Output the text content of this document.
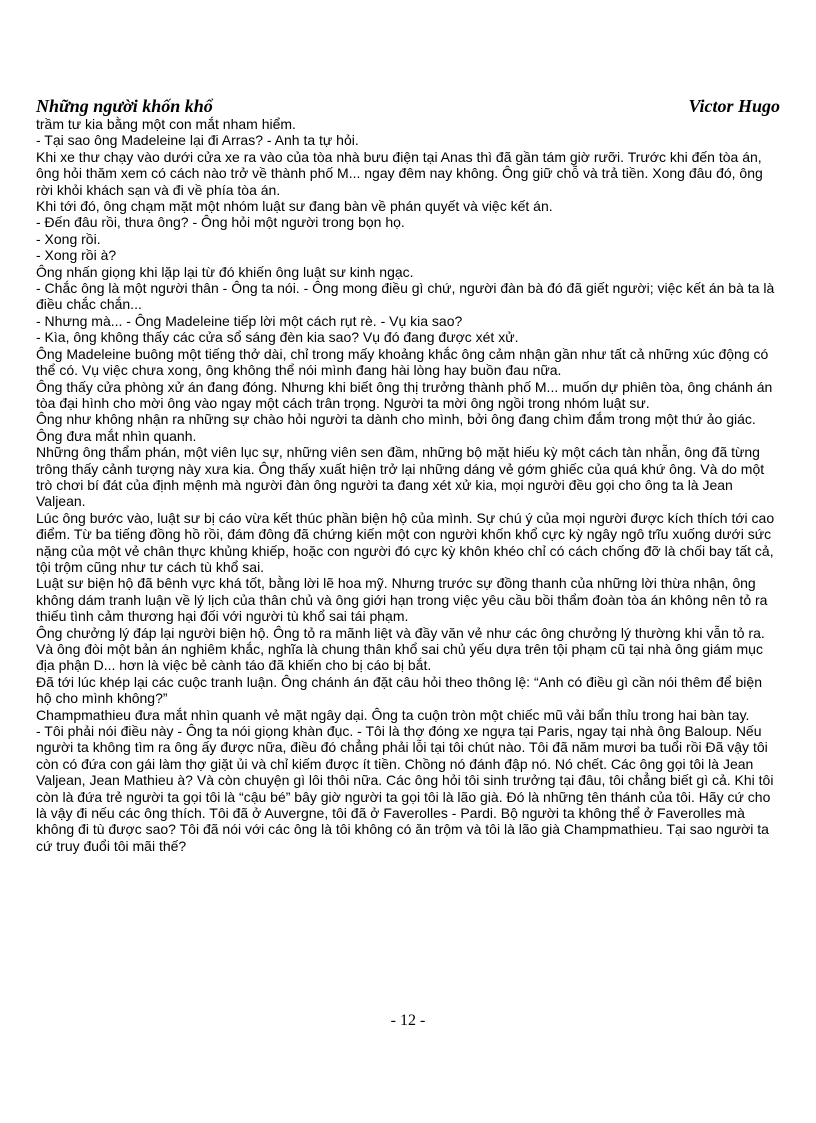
Những người khốn khổ	Victor Hugo

trầm tư kia bằng một con mắt nham hiểm.

- Tại sao ông Madeleine lại đi Arras? - Anh ta tự hỏi.

Khi xe thư chạy vào dưới cửa xe ra vào của tòa nhà bưu điện tại Anas thì đã gần tám giờ rưỡi. Trước khi đến tòa án, ông hỏi thăm xem có cách nào trở về thành phố M... ngay đêm nay không. Ông giữ chỗ và trả tiền. Xong đâu đó, ông rời khỏi khách sạn và đi về phía tòa án.

Khi tới đó, ông chạm mặt một nhóm luật sư đang bàn về phán quyết và việc kết án.

- Đến đâu rồi, thưa ông? - Ông hỏi một người trong bọn họ.

- Xong rồi.

- Xong rồi à?

Ông nhấn giọng khi lặp lại từ đó khiến ông luật sư kinh ngạc.

- Chắc ông là một người thân - Ông ta nói. - Ông mong điều gì chứ, người đàn bà đó đã giết người; việc kết án bà ta là điều chắc chắn...

- Nhưng mà... - Ông Madeleine tiếp lời một cách rụt rè. - Vụ kia sao?

- Kìa, ông không thấy các cửa sổ sáng đèn kia sao? Vụ đó đang được xét xử.

Ông Madeleine buông một tiếng thở dài, chỉ trong mấy khoảng khắc ông cảm nhận gần như tất cả những xúc động có thể có. Vụ việc chưa xong, ông không thể nói mình đang hài lòng hay buồn đau nữa.

Ông thấy cửa phòng xử án đang đóng. Nhưng khi biết ông thị trưởng thành phố M... muốn dự phiên tòa, ông chánh án tòa đại hình cho mời ông vào ngay một cách trân trọng. Người ta mời ông ngồi trong nhóm luật sư.

Ông như không nhận ra những sự chào hỏi người ta dành cho mình, bởi ông đang chìm đắm trong một thứ ảo giác. Ông đưa mắt nhìn quanh.

Những ông thẩm phán, một viên lục sự, những viên sen đầm, những bộ mặt hiếu kỳ một cách tàn nhẫn, ông đã từng trông thấy cảnh tượng này xưa kia. Ông thấy xuất hiện trở lại những dáng vẻ gớm ghiếc của quá khứ ông. Và do một trò chơi bí đát của định mệnh mà người đàn ông người ta đang xét xử kia, mọi người đều gọi cho ông ta là Jean Valjean.

Lúc ông bước vào, luật sư bị cáo vừa kết thúc phần biện hộ của mình. Sự chú ý của mọi người được kích thích tới cao điểm. Từ ba tiếng đồng hồ rồi, đám đông đã chứng kiến một con người khốn khổ cực kỳ ngây ngô trĩu xuống dưới sức nặng của một vẻ chân thực khủng khiếp, hoặc con người đó cực kỳ khôn khéo chỉ có cách chống đỡ là chối bay tất cả, tội trộm cũng như tư cách tù khổ sai.

Luật sư biện hộ đã bênh vực khá tốt, bằng lời lẽ hoa mỹ. Nhưng trước sự đồng thanh của những lời thừa nhận, ông không dám tranh luận về lý lịch của thân chủ và ông giới hạn trong việc yêu cầu bồi thẩm đoàn tòa án không nên tỏ ra thiếu tình cảm thương hại đối với người tù khổ sai tái phạm.

Ông chưởng lý đáp lại người biện hộ. Ông tỏ ra mãnh liệt và đầy văn vẻ như các ông chưởng lý thường khi vẫn tỏ ra. Và ông đòi một bản án nghiêm khắc, nghĩa là chung thân khổ sai chủ yếu dựa trên tội phạm cũ tại nhà ông giám mục địa phận D... hơn là việc bẻ cành táo đã khiến cho bị cáo bị bắt.

Đã tới lúc khép lại các cuộc tranh luận. Ông chánh án đặt câu hỏi theo thông lệ: “Anh có điều gì cần nói thêm để biện hộ cho mình không?”

Champmathieu đưa mắt nhìn quanh vẻ mặt ngây dại. Ông ta cuộn tròn một chiếc mũ vải bẩn thỉu trong hai bàn tay.

- Tôi phải nói điều này - Ông ta nói giọng khàn đục. - Tôi là thợ đóng xe ngựa tại Paris, ngay tại nhà ông Baloup. Nếu người ta không tìm ra ông ấy được nữa, điều đó chẳng phải lỗi tại tôi chút nào. Tôi đã năm mươi ba tuổi rồi Đã vậy tôi còn có đứa con gái làm thợ giặt ủi và chỉ kiếm được ít tiền. Chồng nó đánh đập nó. Nó chết. Các ông gọi tôi là Jean Valjean, Jean Mathieu à? Và còn chuyện gì lôi thôi nữa. Các ông hỏi tôi sinh trưởng tại đâu, tôi chẳng biết gì cả. Khi tôi còn là đứa trẻ người ta gọi tôi là “cậu bé” bây giờ người ta gọi tôi là lão già. Đó là những tên thánh của tôi. Hãy cứ cho là vậy đi nếu các ông thích. Tôi đã ở Auvergne, tôi đã ở Faverolles - Pardi. Bộ người ta không thể ở Faverolles mà không đi tù được sao? Tôi đã nói với các ông là tôi không có ăn trộm và tôi là lão già Champmathieu. Tại sao người ta cứ truy đuổi tôi mãi thế?

- 12 -
